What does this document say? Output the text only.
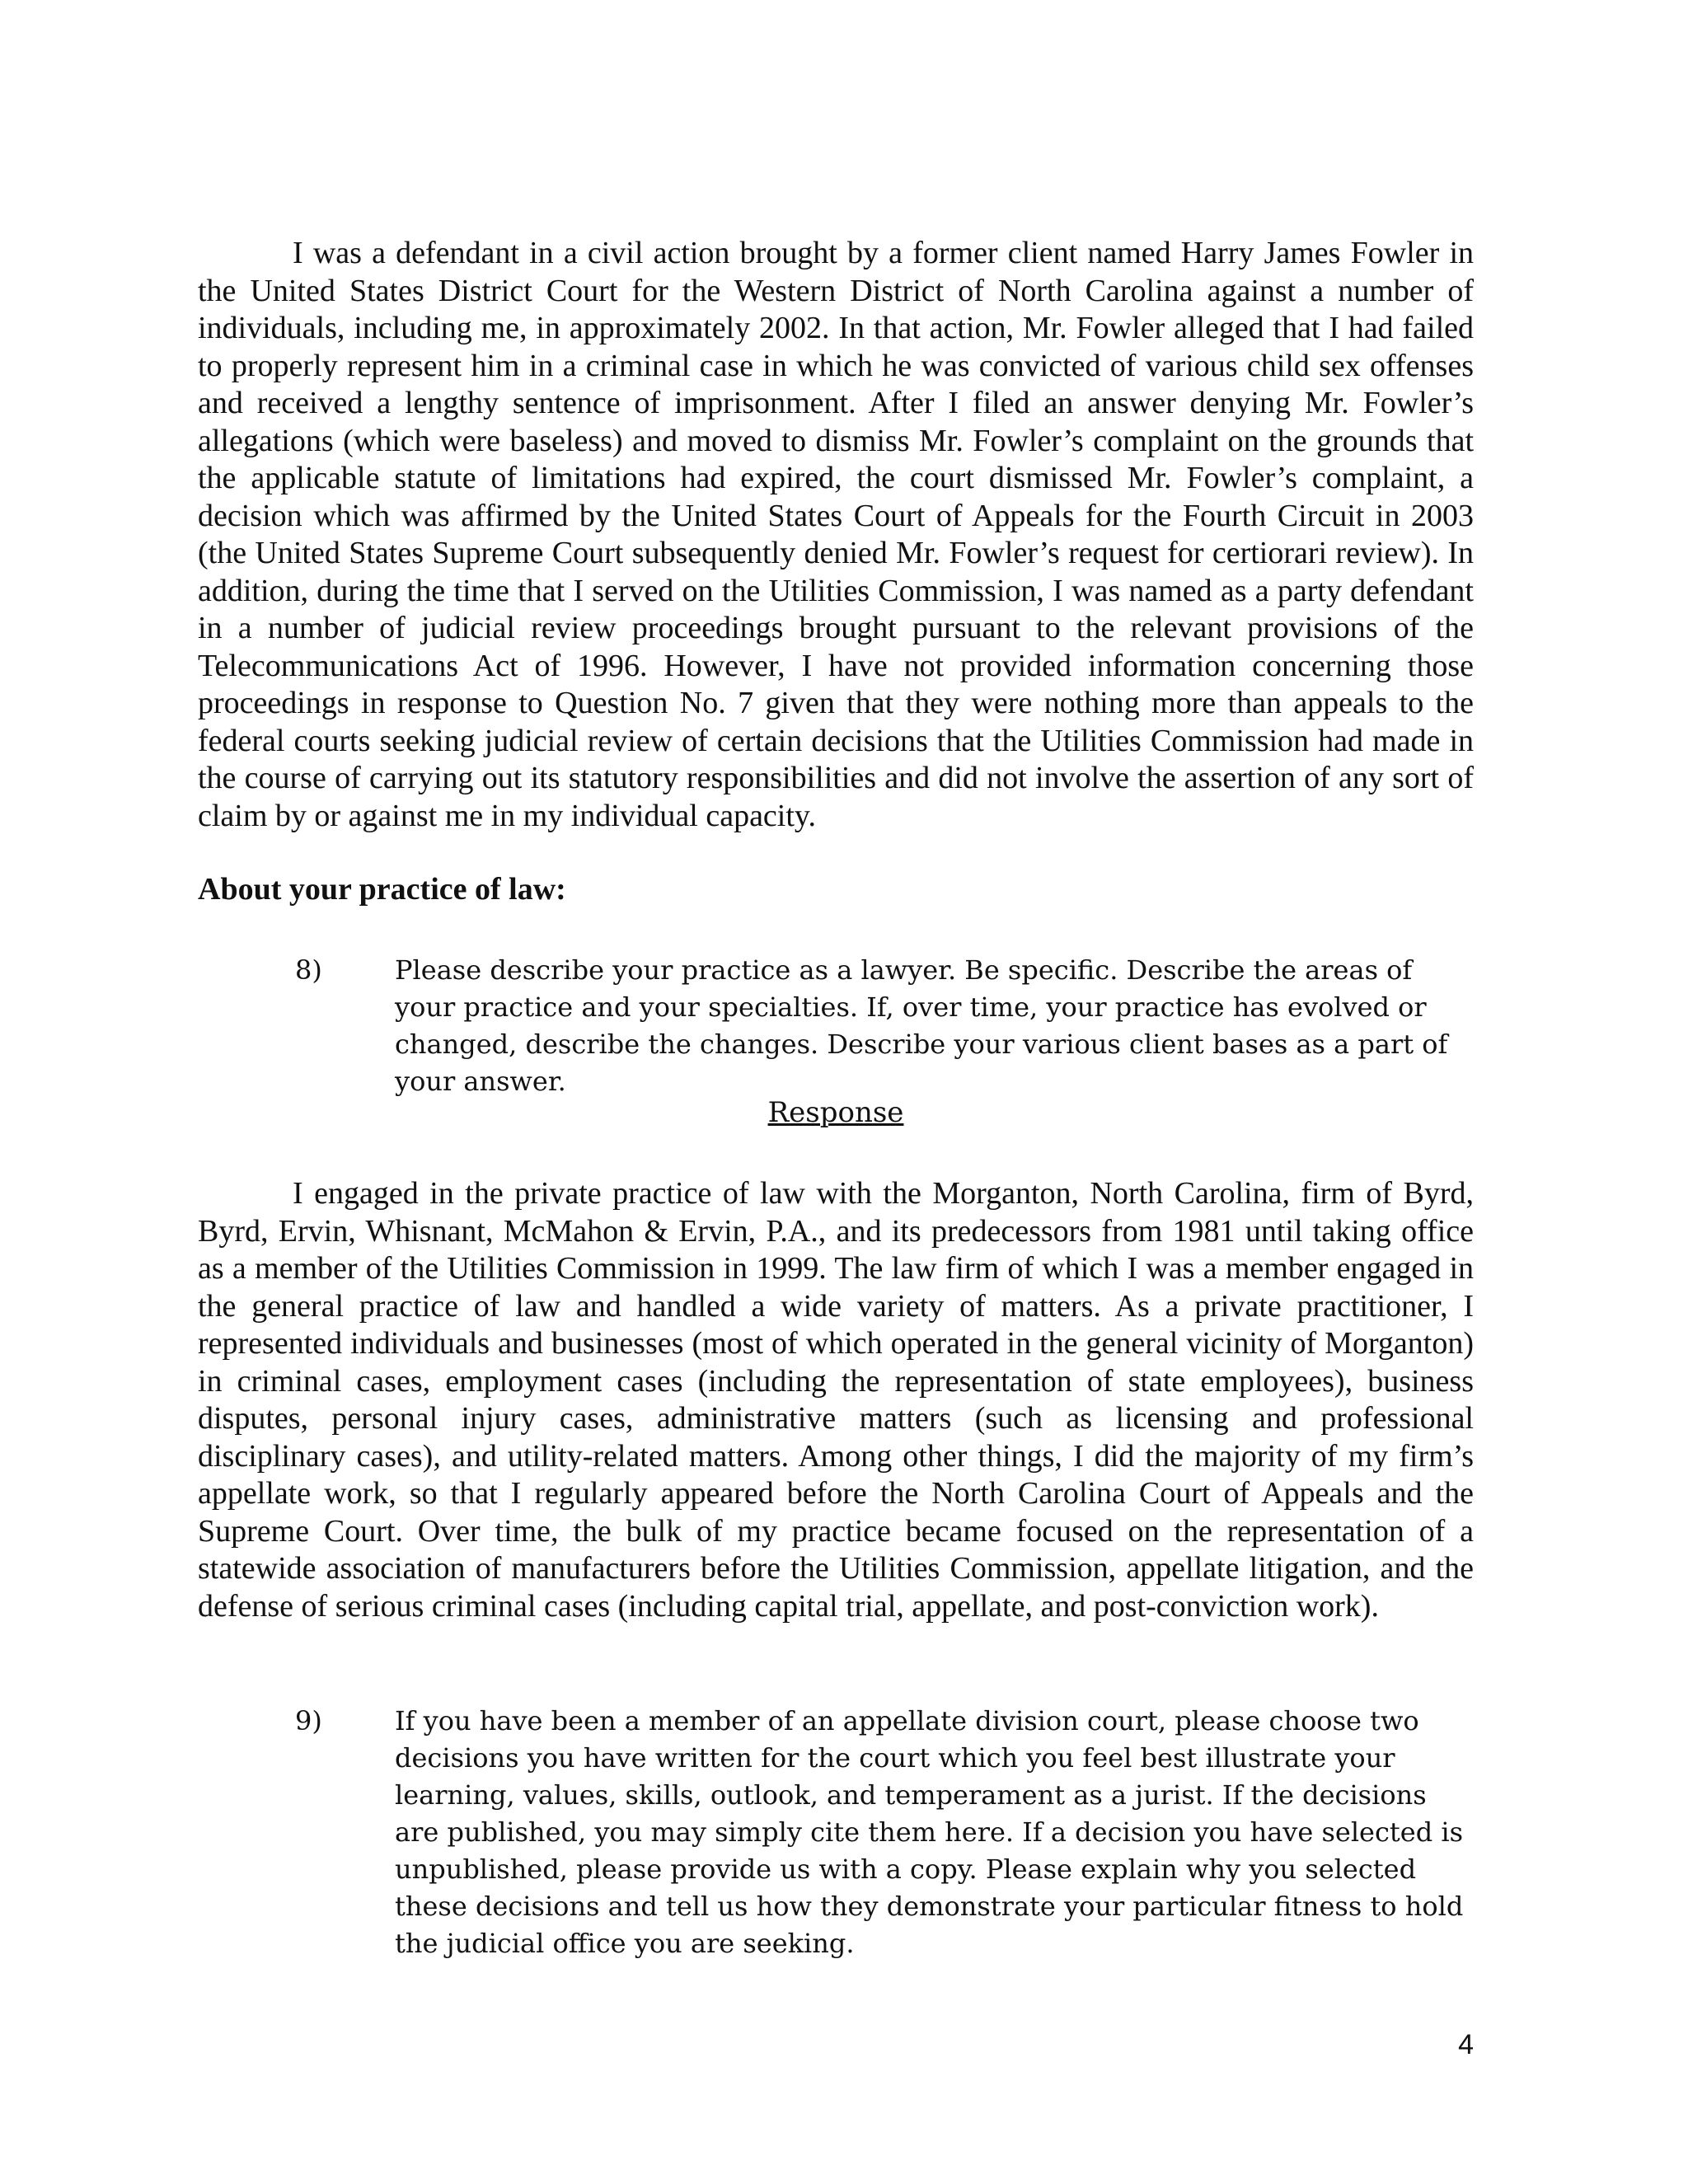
I was a defendant in a civil action brought by a former client named Harry James Fowler in the United States District Court for the Western District of North Carolina against a number of individuals, including me, in approximately 2002. In that action, Mr. Fowler alleged that I had failed to properly represent him in a criminal case in which he was convicted of various child sex offenses and received a lengthy sentence of imprisonment. After I filed an answer denying Mr. Fowler’s allegations (which were baseless) and moved to dismiss Mr. Fowler’s complaint on the grounds that the applicable statute of limitations had expired, the court dismissed Mr. Fowler’s complaint, a decision which was affirmed by the United States Court of Appeals for the Fourth Circuit in 2003 (the United States Supreme Court subsequently denied Mr. Fowler’s request for certiorari review). In addition, during the time that I served on the Utilities Commission, I was named as a party defendant in a number of judicial review proceedings brought pursuant to the relevant provisions of the Telecommunications Act of 1996. However, I have not provided information concerning those proceedings in response to Question No. 7 given that they were nothing more than appeals to the federal courts seeking judicial review of certain decisions that the Utilities Commission had made in the course of carrying out its statutory responsibilities and did not involve the assertion of any sort of claim by or against me in my individual capacity.

About your practice of law:

8)	Please describe your practice as a lawyer. Be specific. Describe the areas of your practice and your specialties. If, over time, your practice has evolved or changed, describe the changes. Describe your various client bases as a part of your answer.

Response

I engaged in the private practice of law with the Morganton, North Carolina, firm of Byrd, Byrd, Ervin, Whisnant, McMahon & Ervin, P.A., and its predecessors from 1981 until taking office as a member of the Utilities Commission in 1999. The law firm of which I was a member engaged in the general practice of law and handled a wide variety of matters. As a private practitioner, I represented individuals and businesses (most of which operated in the general vicinity of Morganton) in criminal cases, employment cases (including the representation of state employees), business disputes, personal injury cases, administrative matters (such as licensing and professional disciplinary cases), and utility-related matters. Among other things, I did the majority of my firm’s appellate work, so that I regularly appeared before the North Carolina Court of Appeals and the Supreme Court. Over time, the bulk of my practice became focused on the representation of a statewide association of manufacturers before the Utilities Commission, appellate litigation, and the defense of serious criminal cases (including capital trial, appellate, and post-conviction work).

9)	If you have been a member of an appellate division court, please choose two decisions you have written for the court which you feel best illustrate your learning, values, skills, outlook, and temperament as a jurist. If the decisions are published, you may simply cite them here. If a decision you have selected is unpublished, please provide us with a copy. Please explain why you selected these decisions and tell us how they demonstrate your particular fitness to hold the judicial office you are seeking.

4
